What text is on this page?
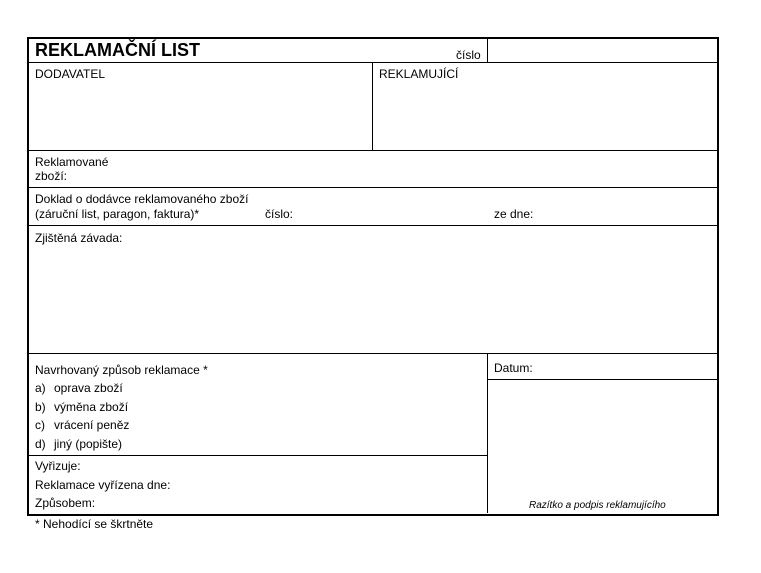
REKLAMAČNÍ LIST	číslo
DODAVATEL	REKLAMUJÍCÍ
Reklamované
zboží:
Doklad o dodávce reklamovaného zboží
(záruční list, paragon, faktura)*	číslo:	ze dne:
Zjištěná závada:
Navrhovaný způsob reklamace *
a) oprava zboží
b) výměna zboží
c) vrácení peněz
d) jiný (popište)
Vyřizuje:
Reklamace vyřízena dne:
Způsobem:
Datum:
Razítko a podpis reklamujícího
* Nehodící se škrtněte
